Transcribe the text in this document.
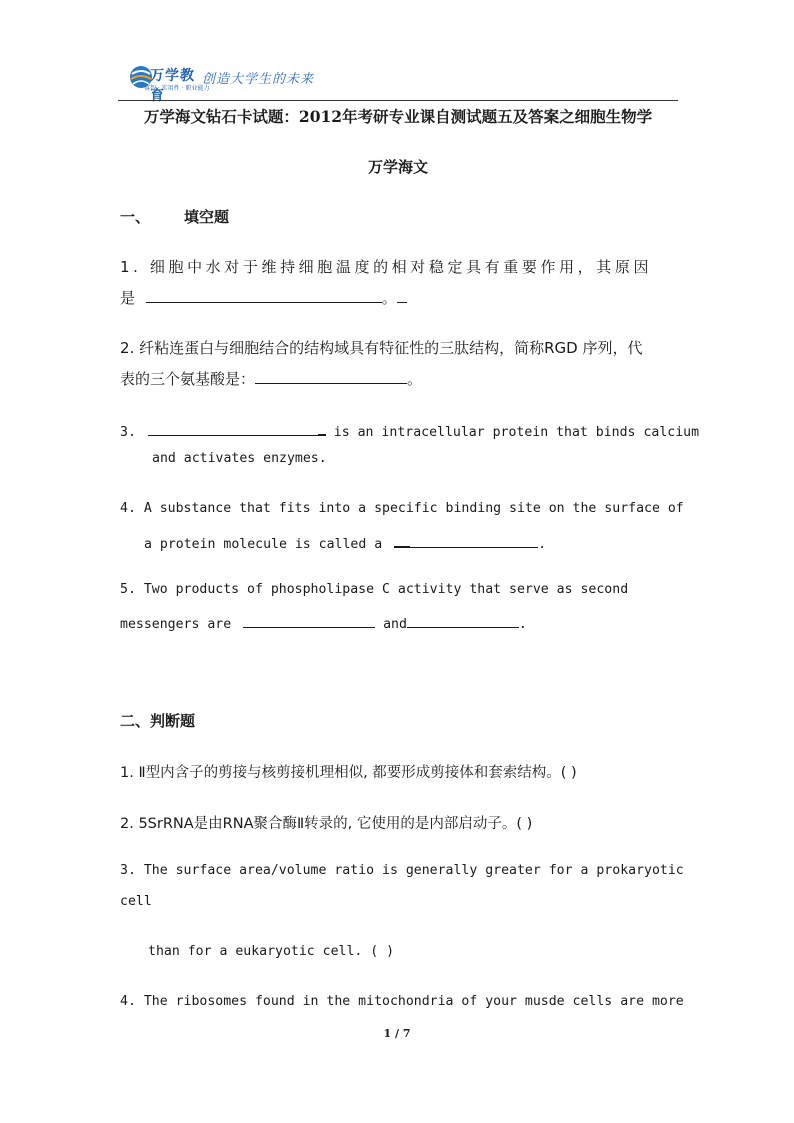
万学教育
睿智 · 实用性 · 职业能力
创造大学生的未来
万学海文钻石卡试题：2012年考研专业课自测试题五及答案之细胞生物学
万学海文
一、 填空题
1. 细胞中水对于维持细胞温度的相对稳定具有重要作用，其原因
是	。
2. 纤粘连蛋白与细胞结合的结构域具有特征性的三肽结构，简称RGD 序列，代
表的三个氨基酸是：	。
3.	is an intracellular protein that binds calcium
and activates enzymes.
4. A substance that fits into a specific binding site on the surface of
a protein molecule is called a	.
5. Two products of phospholipase C activity that serve as second
messengers are	and	.
二、判断题
1. Ⅱ型内含子的剪接与核剪接机理相似, 都要形成剪接体和套索结构。( )
2. 5SrRNA是由RNA聚合酶Ⅱ转录的, 它使用的是内部启动子。( )
3. The surface area/volume ratio is generally greater for a prokaryotic
cell
than for a eukaryotic cell. ( )
4. The ribosomes found in the mitochondria of your musde cells are more
1 / 7
